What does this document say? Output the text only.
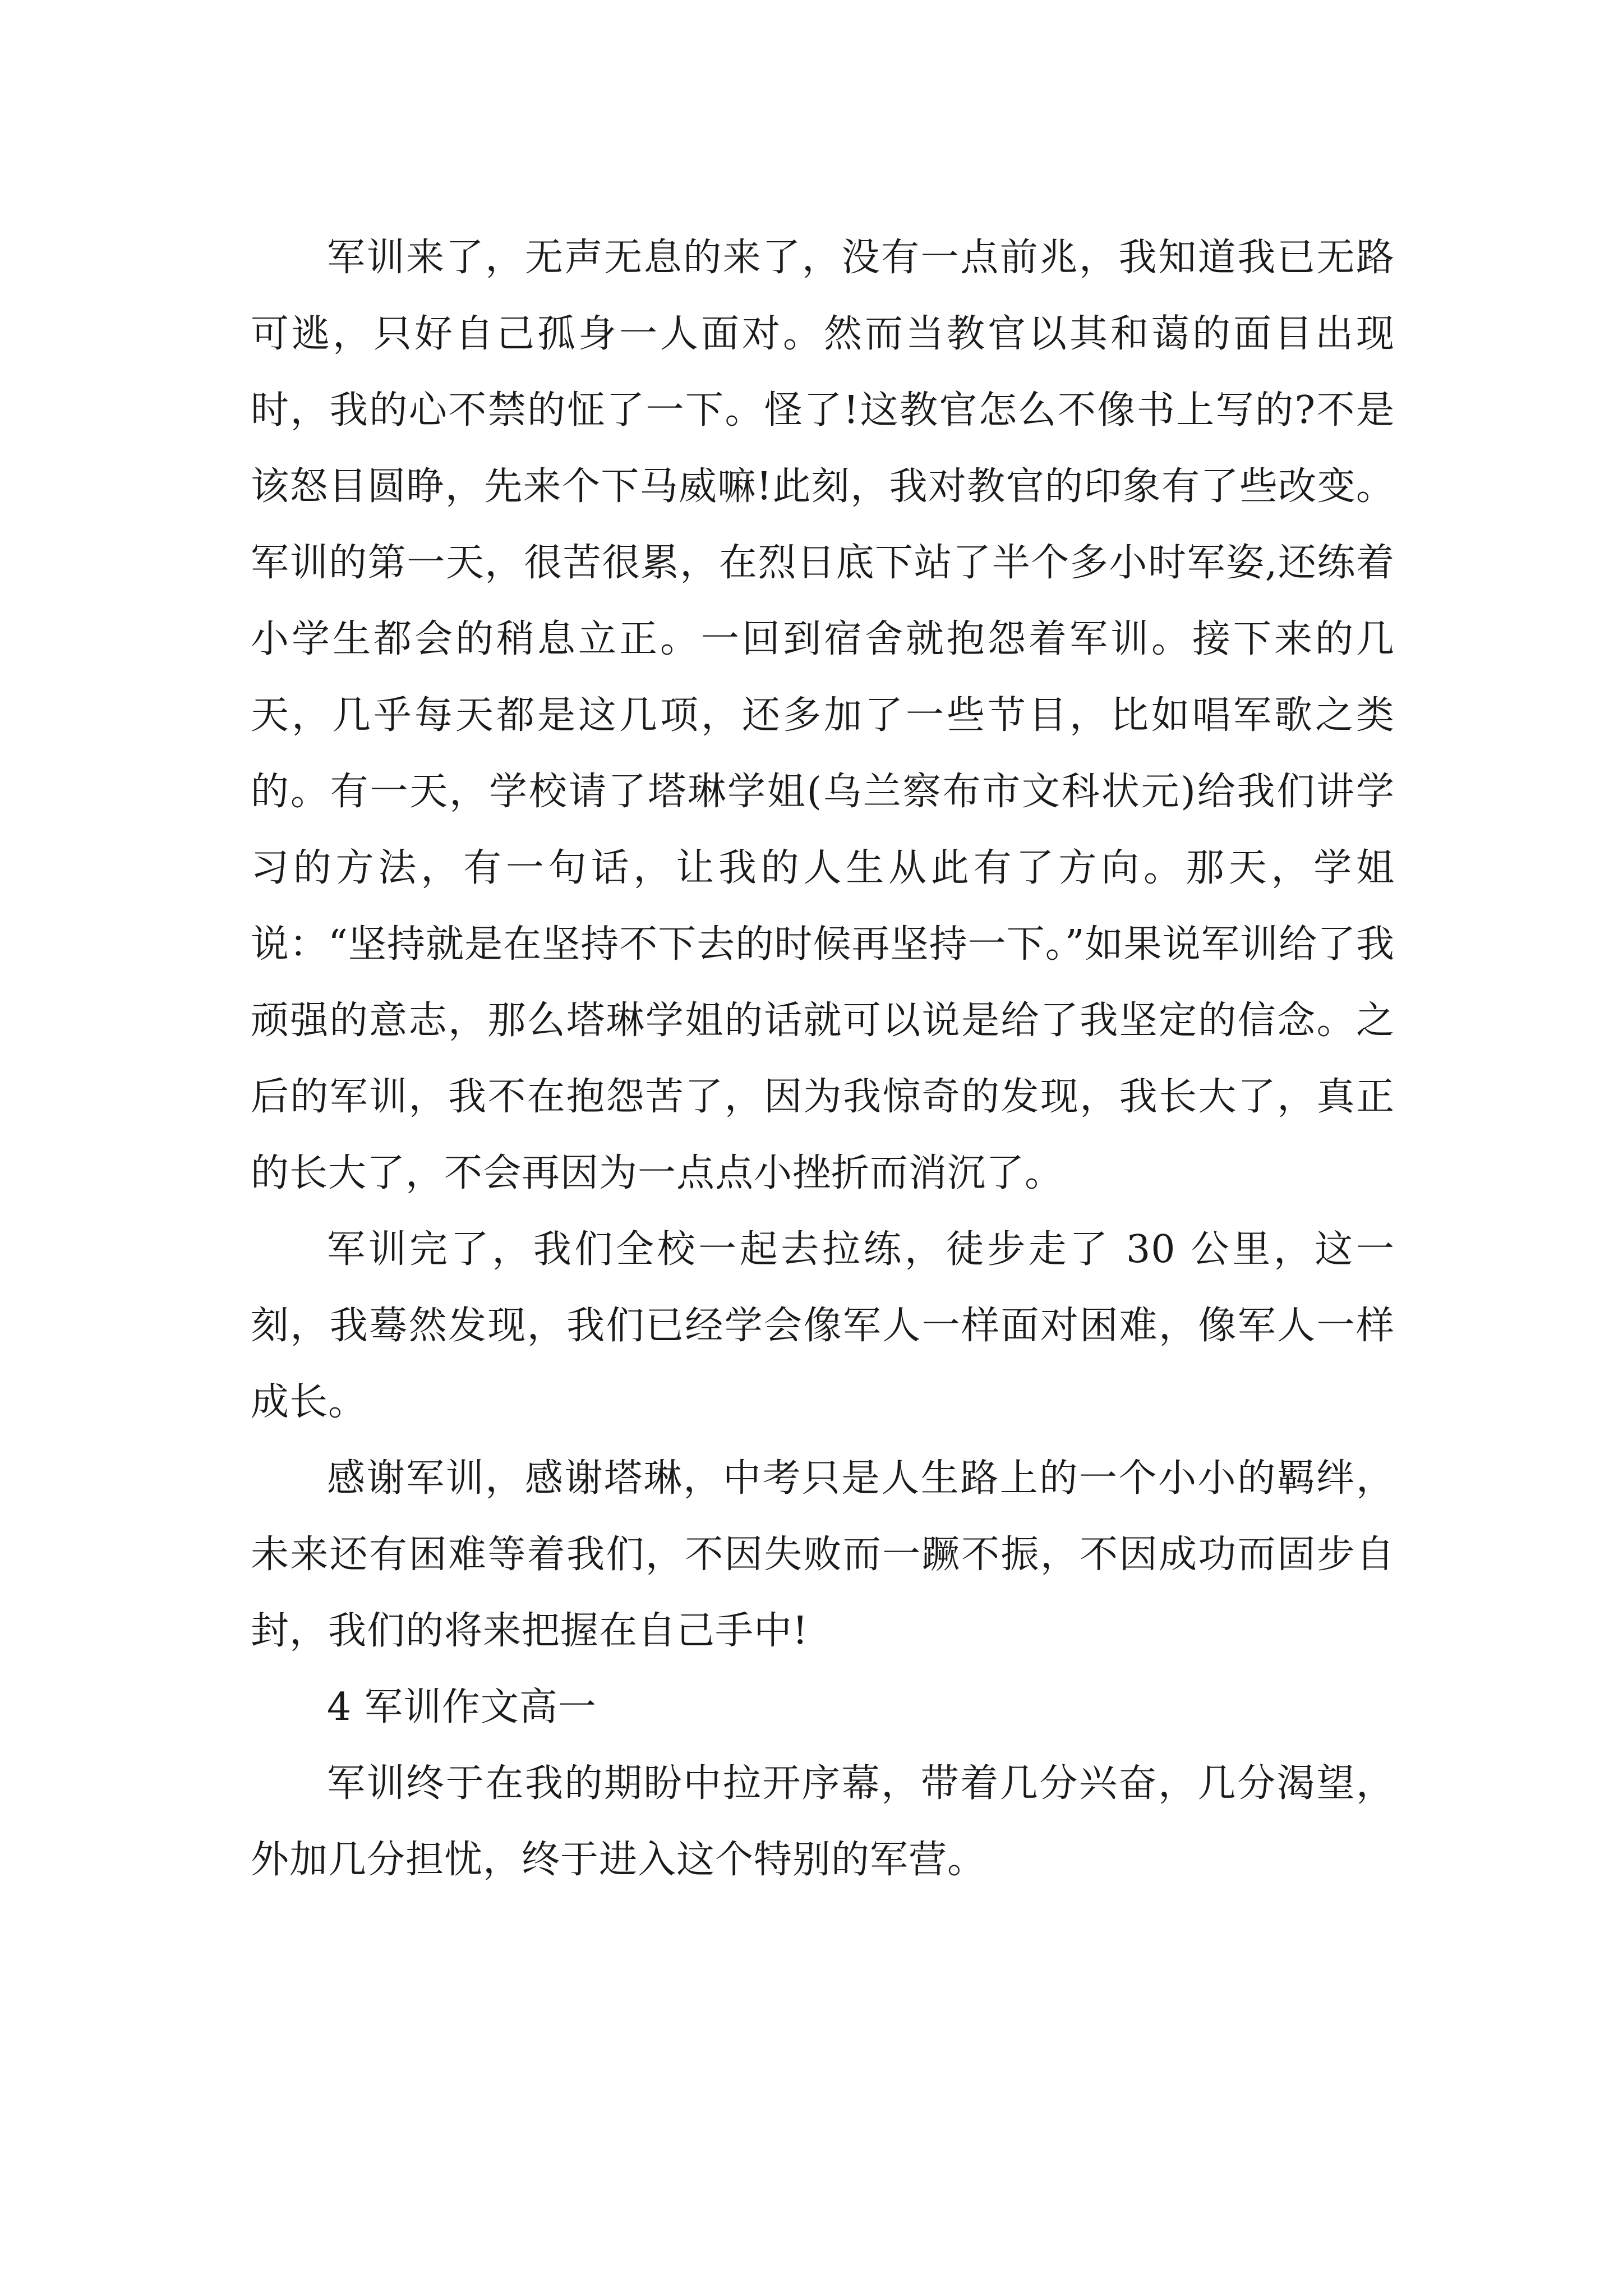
军训来了，无声无息的来了，没有一点前兆，我知道我已无路可逃，只好自己孤身一人面对。然而当教官以其和蔼的面目出现时，我的心不禁的怔了一下。怪了!这教官怎么不像书上写的?不是该怒目圆睁，先来个下马威嘛!此刻，我对教官的印象有了些改变。军训的第一天，很苦很累，在烈日底下站了半个多小时军姿,还练着小学生都会的稍息立正。一回到宿舍就抱怨着军训。接下来的几天，几乎每天都是这几项，还多加了一些节目，比如唱军歌之类的。有一天，学校请了塔琳学姐(乌兰察布市文科状元)给我们讲学习的方法，有一句话，让我的人生从此有了方向。那天，学姐说：“坚持就是在坚持不下去的时候再坚持一下。”如果说军训给了我顽强的意志，那么塔琳学姐的话就可以说是给了我坚定的信念。之后的军训，我不在抱怨苦了，因为我惊奇的发现，我长大了，真正的长大了，不会再因为一点点小挫折而消沉了。

军训完了，我们全校一起去拉练，徒步走了 30 公里，这一刻，我蓦然发现，我们已经学会像军人一样面对困难，像军人一样成长。

感谢军训，感谢塔琳，中考只是人生路上的一个小小的羁绊，未来还有困难等着我们，不因失败而一蹶不振，不因成功而固步自封，我们的将来把握在自己手中!

4 军训作文高一

军训终于在我的期盼中拉开序幕，带着几分兴奋，几分渴望，外加几分担忧，终于进入这个特别的军营。
